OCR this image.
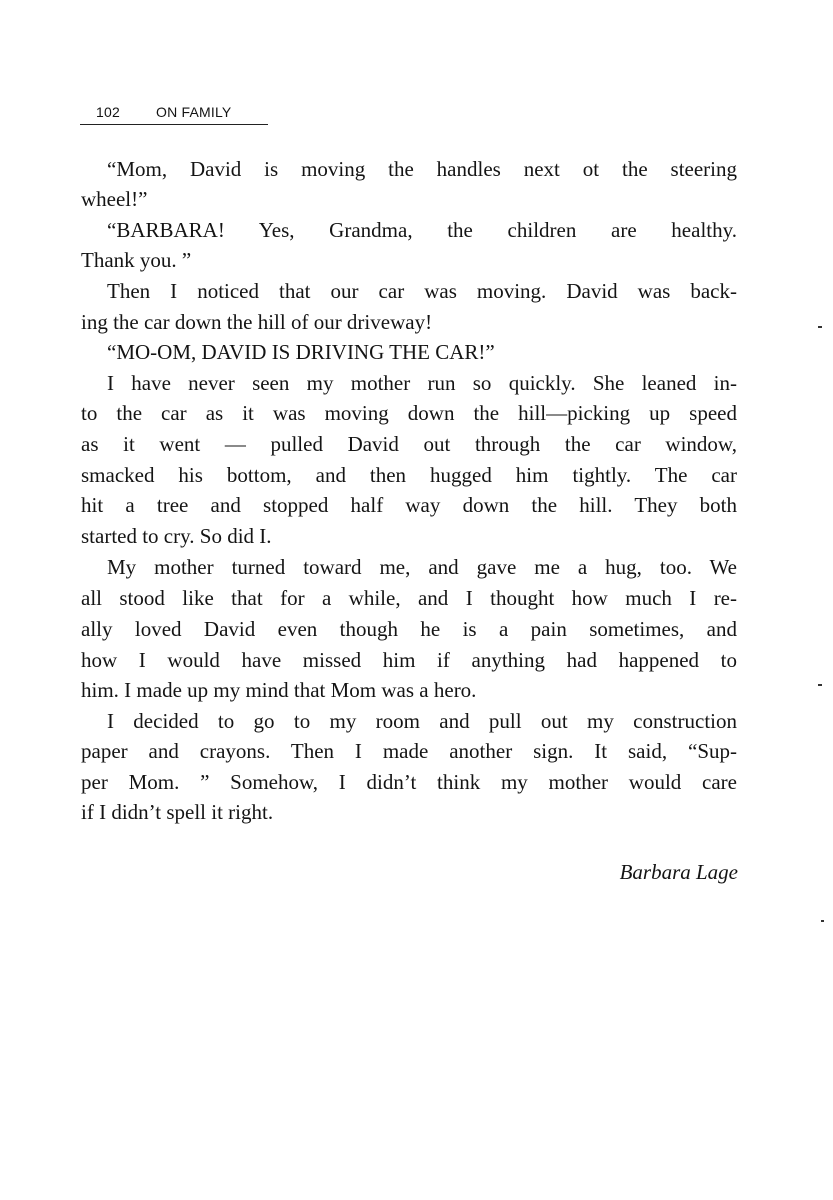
102	ON FAMILY
“Mom, David is moving the handles next ot the steering
wheel!”
“BARBARA! Yes, Grandma, the children are healthy.
Thank you. ”
Then I noticed that our car was moving. David was back-
ing the car down the hill of our driveway!
“MO-OM, DAVID IS DRIVING THE CAR!”
I have never seen my mother run so quickly. She leaned in-
to the car as it was moving down the hill—picking up speed
as it went — pulled David out through the car window,
smacked his bottom, and then hugged him tightly. The car
hit a tree and stopped half way down the hill. They both
started to cry. So did I.
My mother turned toward me, and gave me a hug, too. We
all stood like that for a while, and I thought how much I re-
ally loved David even though he is a pain sometimes, and
how I would have missed him if anything had happened to
him. I made up my mind that Mom was a hero.
I decided to go to my room and pull out my construction
paper and crayons. Then I made another sign. It said, “Sup-
per Mom. ” Somehow, I didn’t think my mother would care
if I didn’t spell it right.
Barbara Lage
